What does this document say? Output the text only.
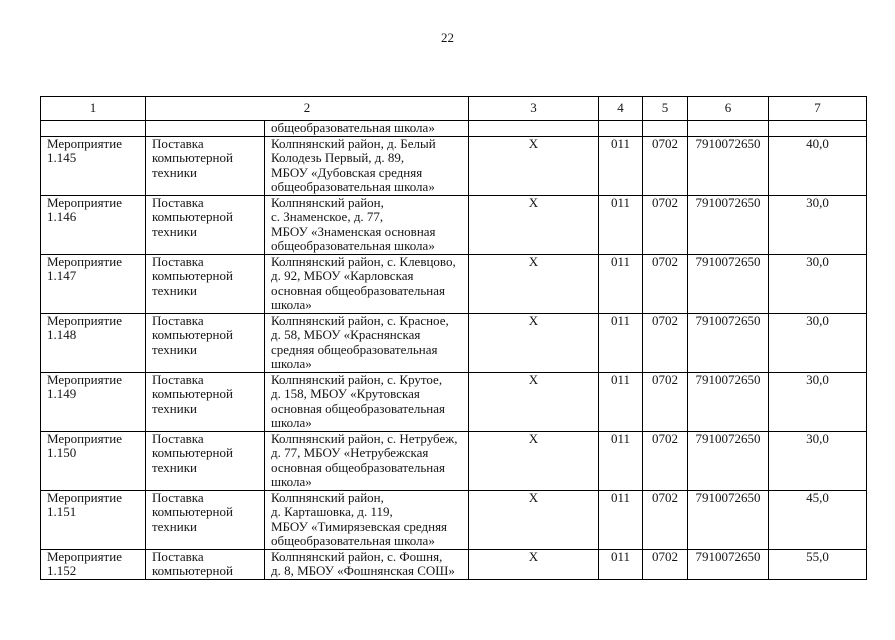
22
1	2		3	4	5	6	7

		общеобразовательная школа»					

Мероприятие
1.145	Поставка
компьютерной
техники	Колпнянский район, д. Белый
Колодезь Первый, д. 89,
МБОУ «Дубовская средняя
общеобразовательная школа»	X	011	0702	7910072650	40,0

Мероприятие
1.146	Поставка
компьютерной
техники	Колпнянский район,
с. Знаменское, д. 77,
МБОУ «Знаменская основная
общеобразовательная школа»	X	011	0702	7910072650	30,0

Мероприятие
1.147	Поставка
компьютерной
техники	Колпнянский район, с. Клевцово,
д. 92, МБОУ «Карловская
основная общеобразовательная
школа»	X	011	0702	7910072650	30,0

Мероприятие
1.148	Поставка
компьютерной
техники	Колпнянский район, с. Красное,
д. 58, МБОУ «Краснянская
средняя общеобразовательная
школа»	X	011	0702	7910072650	30,0

Мероприятие
1.149	Поставка
компьютерной
техники	Колпнянский район, с. Крутое,
д. 158, МБОУ «Крутовская
основная общеобразовательная
школа»	X	011	0702	7910072650	30,0

Мероприятие
1.150	Поставка
компьютерной
техники	Колпнянский район, с. Нетрубеж,
д. 77, МБОУ «Нетрубежская
основная общеобразовательная
школа»	X	011	0702	7910072650	30,0

Мероприятие
1.151	Поставка
компьютерной
техники	Колпнянский район,
д. Карташовка, д. 119,
МБОУ «Тимирязевская средняя
общеобразовательная школа»	X	011	0702	7910072650	45,0

Мероприятие
1.152	Поставка
компьютерной	Колпнянский район, с. Фошня,
д. 8, МБОУ «Фошнянская СОШ»	X	011	0702	7910072650	55,0
